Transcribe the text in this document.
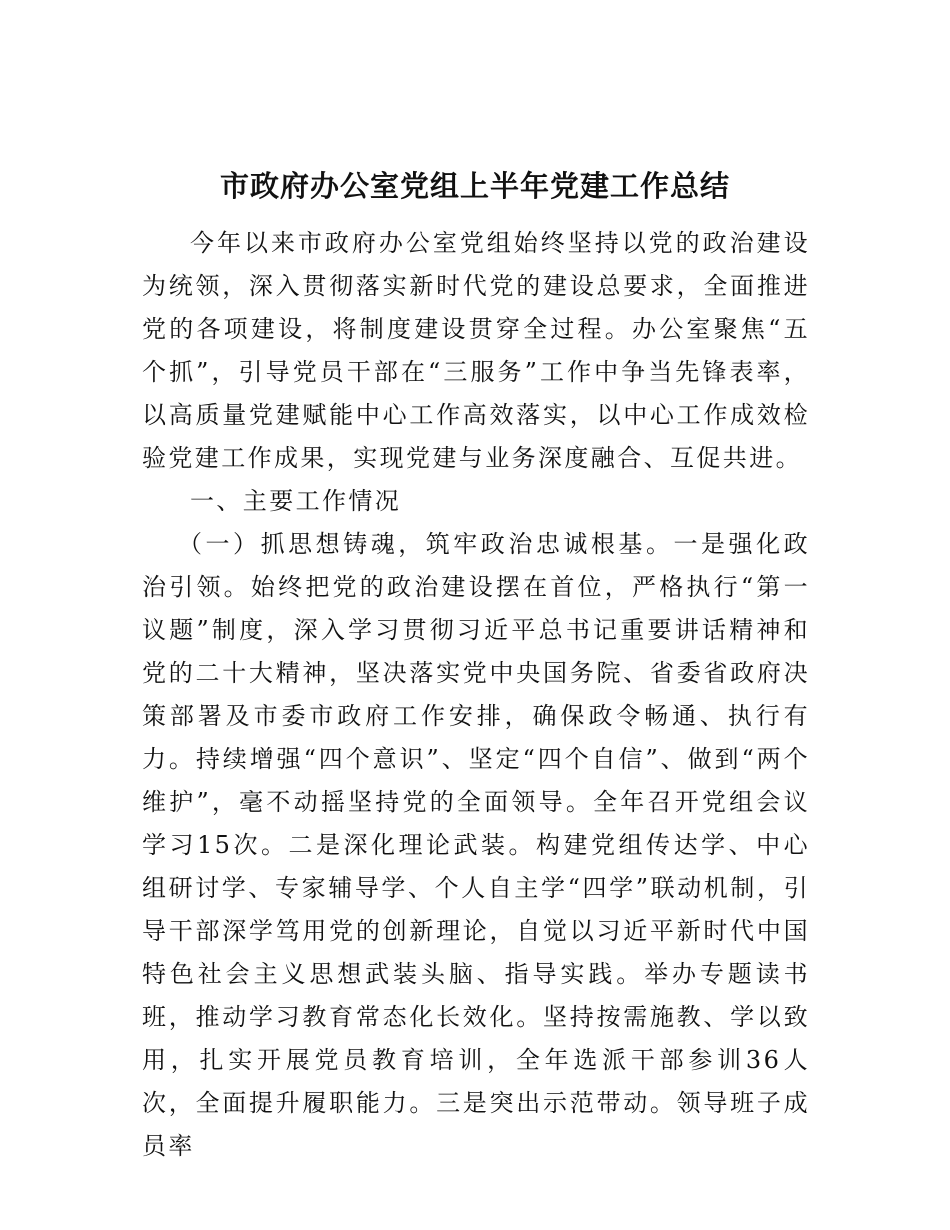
市政府办公室党组上半年党建工作总结

今年以来市政府办公室党组始终坚持以党的政治建设为统领，深入贯彻落实新时代党的建设总要求，全面推进党的各项建设，将制度建设贯穿全过程。办公室聚焦“五个抓”，引导党员干部在“三服务”工作中争当先锋表率，以高质量党建赋能中心工作高效落实，以中心工作成效检验党建工作成果，实现党建与业务深度融合、互促共进。

一、主要工作情况

（一）抓思想铸魂，筑牢政治忠诚根基。一是强化政治引领。始终把党的政治建设摆在首位，严格执行“第一议题”制度，深入学习贯彻习近平总书记重要讲话精神和党的二十大精神，坚决落实党中央国务院、省委省政府决策部署及市委市政府工作安排，确保政令畅通、执行有力。持续增强“四个意识”、坚定“四个自信”、做到“两个维护”，毫不动摇坚持党的全面领导。全年召开党组会议学习15次。二是深化理论武装。构建党组传达学、中心组研讨学、专家辅导学、个人自主学“四学”联动机制，引导干部深学笃用党的创新理论，自觉以习近平新时代中国特色社会主义思想武装头脑、指导实践。举办专题读书班，推动学习教育常态化长效化。坚持按需施教、学以致用，扎实开展党员教育培训，全年选派干部参训36人次，全面提升履职能力。三是突出示范带动。领导班子成员率
